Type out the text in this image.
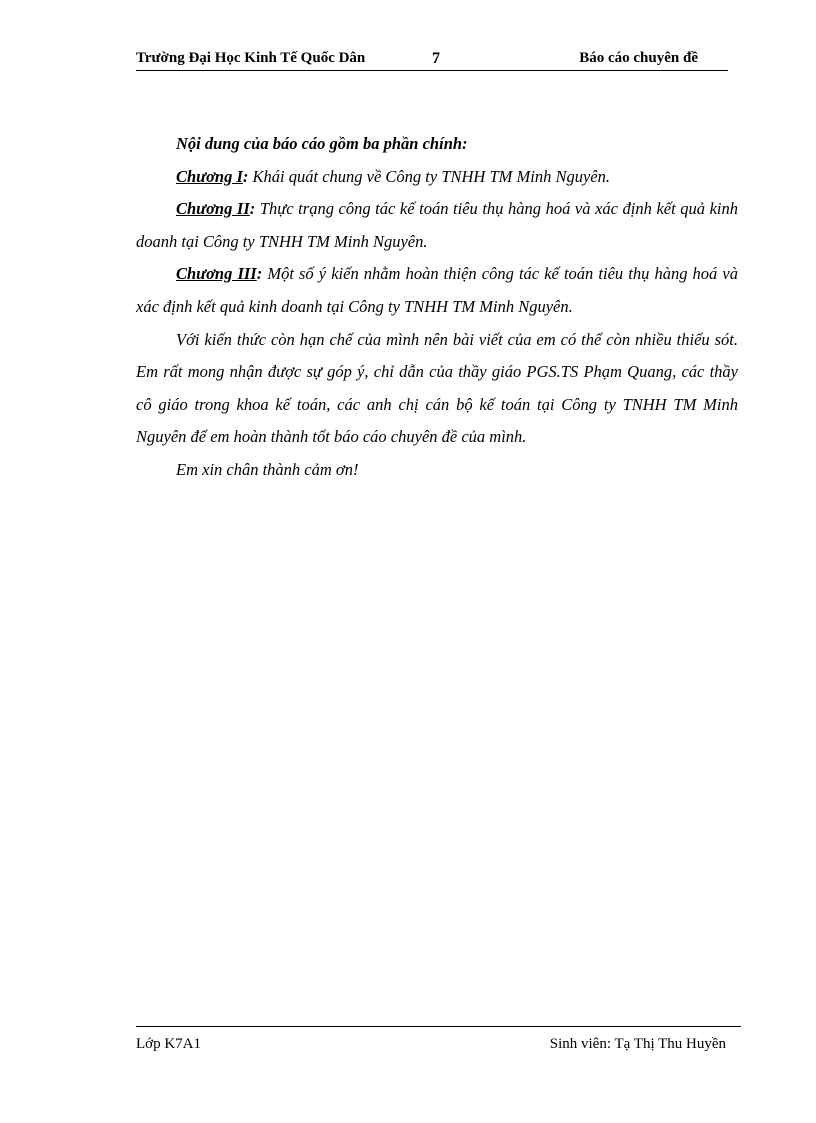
Trường Đại Học Kinh Tế Quốc Dân	7	Báo cáo chuyên đề

Nội dung của báo cáo gồm ba phần chính:

Chương I: Khái quát chung về Công ty TNHH TM Minh Nguyên.

Chương II: Thực trạng công tác kế toán tiêu thụ hàng hoá và xác định kết quả kinh doanh tại Công ty TNHH TM Minh Nguyên.

Chương III: Một số ý kiến nhằm hoàn thiện công tác kế toán tiêu thụ hàng hoá và xác định kết quả kinh doanh tại Công ty TNHH TM Minh Nguyên.

Với kiến thức còn hạn chế của mình nên bài viết của em có thể còn nhiều thiếu sót. Em rất mong nhận được sự góp ý, chỉ dẫn của thầy giáo PGS.TS Phạm Quang, các thầy cô giáo trong khoa kế toán, các anh chị cán bộ kế toán tại Công ty TNHH TM Minh Nguyên để em hoàn thành tốt báo cáo chuyên đề của mình.

Em xin chân thành cảm ơn!

Lớp K7A1	Sinh viên: Tạ Thị Thu Huyền
